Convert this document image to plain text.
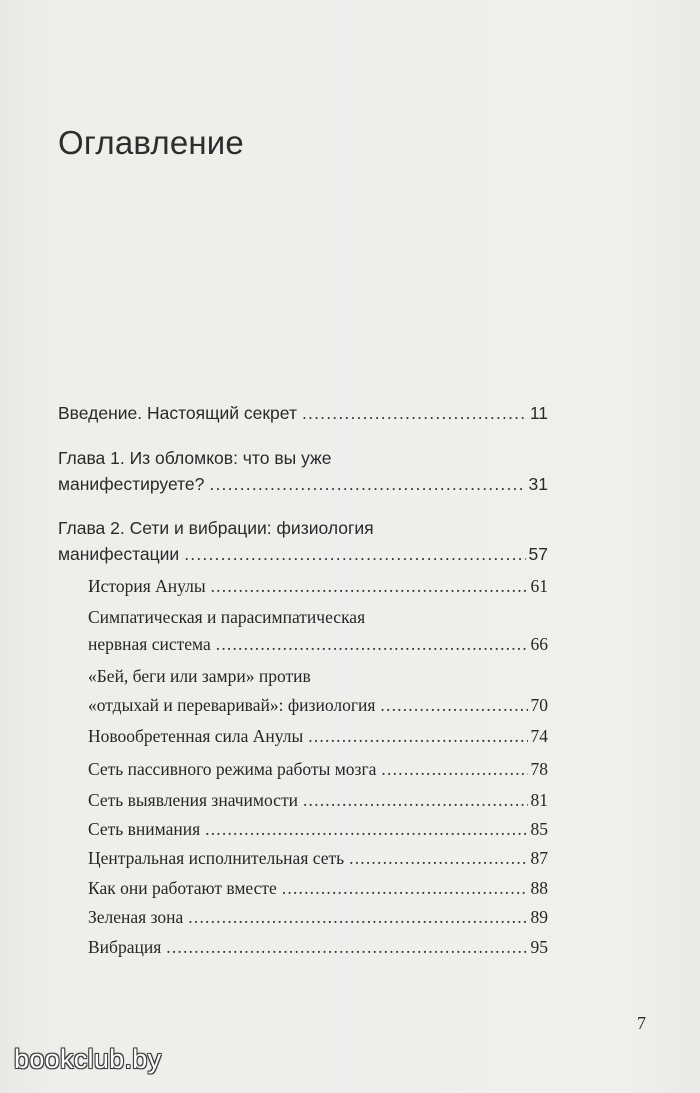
Оглавление
Введение. Настоящий секрет .....	11
Глава 1. Из обломков: что вы уже
манифестируете? .....	31
Глава 2. Сети и вибрации: физиология
манифестации .....	57
История Анулы .....	61
Симпатическая и парасимпатическая
нервная система .....	66
«Бей, беги или замри» против
«отдыхай и переваривай»: физиология .....	70
Новообретенная сила Анулы .....	74
Сеть пассивного режима работы мозга .....	78
Сеть выявления значимости .....	81
Сеть внимания .....	85
Центральная исполнительная сеть .....	87
Как они работают вместе .....	88
Зеленая зона .....	89
Вибрация .....	95
7
bookclub.by
